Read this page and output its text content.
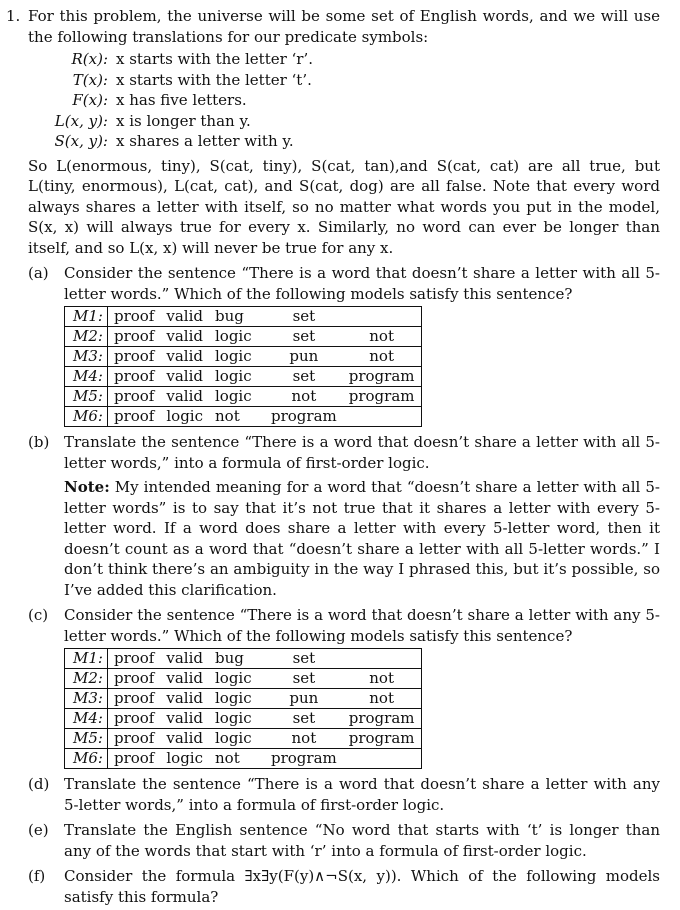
1. For this problem, the universe will be some set of English words, and we will use the following translations for our predicate symbols:

R(x): x starts with the letter ‘r’.
T(x): x starts with the letter ‘t’.
F(x): x has five letters.
L(x, y): x is longer than y.
S(x, y): x shares a letter with y.

So L(enormous, tiny), S(cat, tiny), S(cat, tan),and S(cat, cat) are all true, but L(tiny, enormous), L(cat, cat), and S(cat, dog) are all false. Note that every word always shares a letter with itself, so no matter what words you put in the model, S(x, x) will always true for every x. Similarly, no word can ever be longer than itself, and so L(x, x) will never be true for any x.

(a) Consider the sentence “There is a word that doesn’t share a letter with all 5-letter words.” Which of the following models satisfy this sentence?

M1:	proof	valid	bug	set	
M2:	proof	valid	logic	set	not
M3:	proof	valid	logic	pun	not
M4:	proof	valid	logic	set	program
M5:	proof	valid	logic	not	program
M6:	proof	logic	not	program	
(b) Translate the sentence “There is a word that doesn’t share a letter with all 5-letter words,” into a formula of first-order logic.

Note: My intended meaning for a word that “doesn’t share a letter with all 5-letter words” is to say that it’s not true that it shares a letter with every 5-letter word. If a word does share a letter with every 5-letter word, then it doesn’t count as a word that “doesn’t share a letter with all 5-letter words.” I don’t think there’s an ambiguity in the way I phrased this, but it’s possible, so I’ve added this clarification.

(c) Consider the sentence “There is a word that doesn’t share a letter with any 5-letter words.” Which of the following models satisfy this sentence?

M1:	proof	valid	bug	set	
M2:	proof	valid	logic	set	not
M3:	proof	valid	logic	pun	not
M4:	proof	valid	logic	set	program
M5:	proof	valid	logic	not	program
M6:	proof	logic	not	program	
(d) Translate the sentence “There is a word that doesn’t share a letter with any 5-letter words,” into a formula of first-order logic.

(e) Translate the English sentence “No word that starts with ‘t’ is longer than any of the words that start with ‘r’ into a formula of first-order logic.

(f) Consider the formula ∃x∃y(F(y)∧¬S(x, y)). Which of the following models satisfy this formula?
